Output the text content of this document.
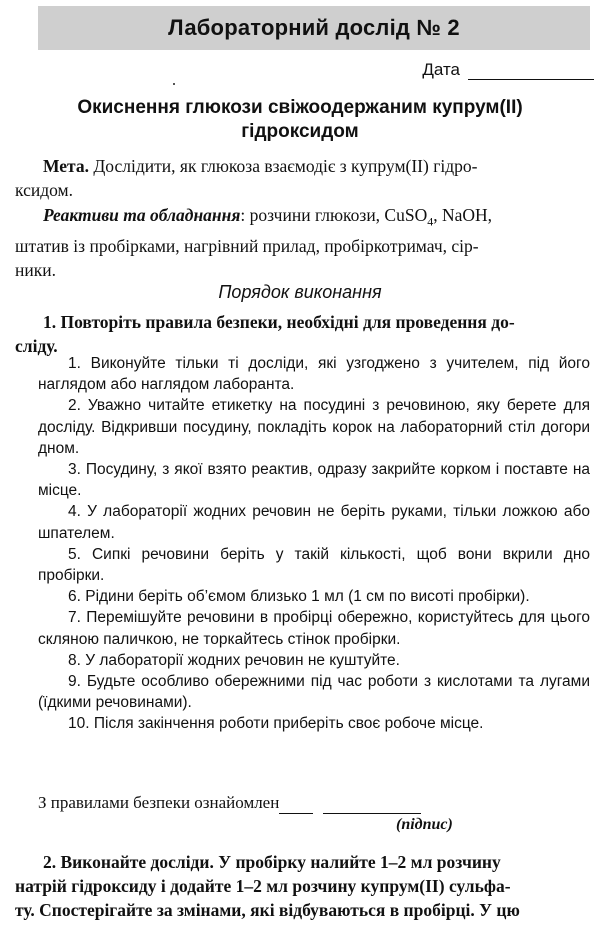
Лабораторний дослід № 2
Дата
Окиснення глюкози свіжоодержаним купрум(II)
гідроксидом
Мета. Дослідити, як глюкоза взаємодіє з купрум(II) гідро-
ксидом.
Реактиви та обладнання: розчини глюкози, CuSO$_4$, NaOH,
штатив із пробірками, нагрівний прилад, пробіркотримач, сір-
ники.
Порядок виконання
1. Повторіть правила безпеки, необхідні для проведення до-
сліду.

1. Виконуйте тільки ті досліди, які узгоджено з учителем, під його наглядом або наглядом лаборанта.

2. Уважно читайте етикетку на посудині з речовиною, яку берете для досліду. Відкривши посудину, покладіть корок на лабораторний стіл догори дном.

3. Посудину, з якої взято реактив, одразу закрийте корком і поставте на місце.

4. У лабораторії жодних речовин не беріть руками, тільки ложкою або шпателем.

5. Сипкі речовини беріть у такій кількості, щоб вони вкрили дно пробірки.

6. Рідини беріть об’ємом близько 1 мл (1 см по висоті пробірки).

7. Перемішуйте речовини в пробірці обережно, користуйтесь для цього скляною паличкою, не торкайтесь стінок пробірки.

8. У лабораторії жодних речовин не куштуйте.

9. Будьте особливо обережними під час роботи з кислотами та лугами (їдкими речовинами).

10. Після закінчення роботи приберіть своє робоче місце.

З правилами безпеки ознайомлен
(підпис)
2. Виконайте досліди. У пробірку налийте 1–2 мл розчину
натрій гідроксиду і додайте 1–2 мл розчину купрум(II) сульфа-
ту. Спостерігайте за змінами, які відбуваються в пробірці. У цю
